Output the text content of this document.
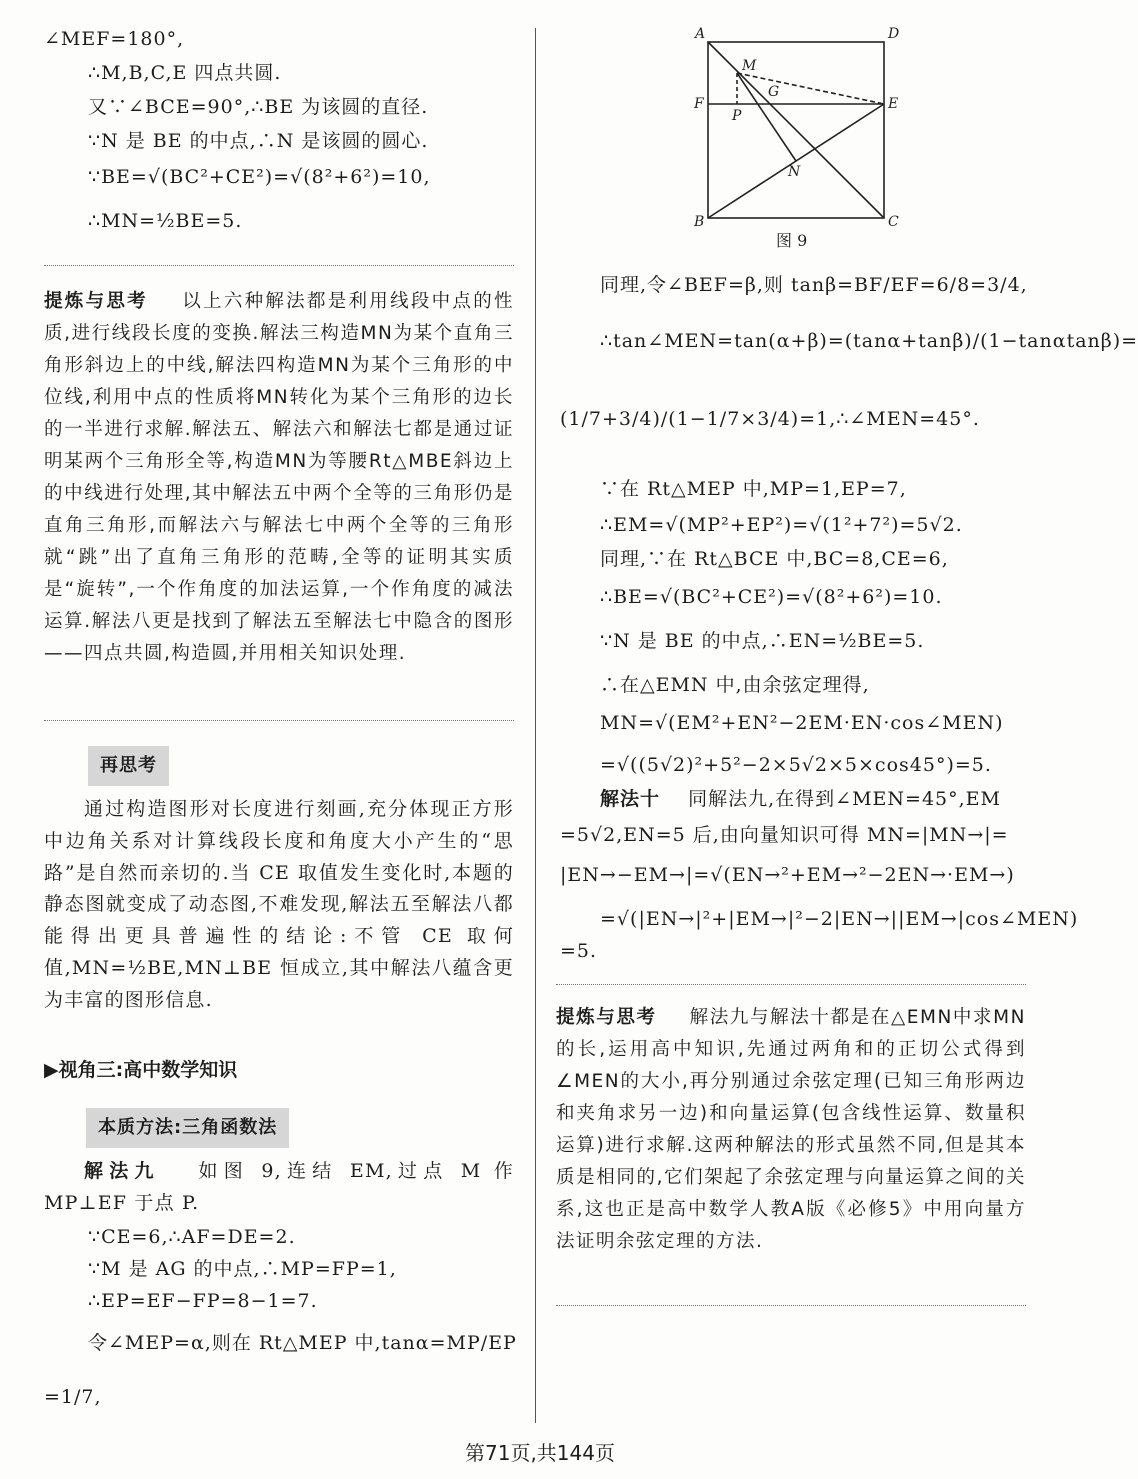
∠MEF=180°,
∴M,B,C,E 四点共圆.
又∵∠BCE=90°,∴BE 为该圆的直径.
∵N 是 BE 的中点,∴N 是该圆的圆心.
∵BE=√(BC²+CE²)=√(8²+6²)=10,
∴MN=½BE=5.
提炼与思考 以上六种解法都是利用线段中点的性质,进行线段长度的变换.解法三构造MN为某个直角三角形斜边上的中线,解法四构造MN为某个三角形的中位线,利用中点的性质将MN转化为某个三角形的边长的一半进行求解.解法五、解法六和解法七都是通过证明某两个三角形全等,构造MN为等腰Rt△MBE斜边上的中线进行处理,其中解法五中两个全等的三角形仍是直角三角形,而解法六与解法七中两个全等的三角形就“跳”出了直角三角形的范畴,全等的证明其实质是“旋转”,一个作角度的加法运算,一个作角度的减法运算.解法八更是找到了解法五至解法七中隐含的图形——四点共圆,构造圆,并用相关知识处理.
再思考
通过构造图形对长度进行刻画,充分体现正方形中边角关系对计算线段长度和角度大小产生的“思路”是自然而亲切的.当 CE 取值发生变化时,本题的静态图就变成了动态图,不难发现,解法五至解法八都能得出更具普遍性的结论:不管 CE 取何值,MN=½BE,MN⊥BE 恒成立,其中解法八蕴含更为丰富的图形信息.
▶视角三:高中数学知识
本质方法:三角函数法
解法九 如图 9,连结 EM,过点 M 作 MP⊥EF 于点 P.
∵CE=6,∴AF=DE=2.
∵M 是 AG 的中点,∴MP=FP=1,
∴EP=EF−FP=8−1=7.
令∠MEP=α,则在 Rt△MEP 中,tanα=MP/EP
=1/7,
A	D
M
G
F
P
E
N
B	C
图 9
同理,令∠BEF=β,则 tanβ=BF/EF=6/8=3/4,
∴tan∠MEN=tan(α+β)=(tanα+tanβ)/(1−tanαtanβ)=
(1/7+3/4)/(1−1/7×3/4)=1,∴∠MEN=45°.
∵在 Rt△MEP 中,MP=1,EP=7,
∴EM=√(MP²+EP²)=√(1²+7²)=5√2.
同理,∵在 Rt△BCE 中,BC=8,CE=6,
∴BE=√(BC²+CE²)=√(8²+6²)=10.
∵N 是 BE 的中点,∴EN=½BE=5.
∴在△EMN 中,由余弦定理得,
MN=√(EM²+EN²−2EM·EN·cos∠MEN)
=√((5√2)²+5²−2×5√2×5×cos45°)=5.
解法十 同解法九,在得到∠MEN=45°,EM
=5√2,EN=5 后,由向量知识可得 MN=|MN→|=
|EN→−EM→|=√(EN→²+EM→²−2EN→·EM→)
=√(|EN→|²+|EM→|²−2|EN→||EM→|cos∠MEN)
=5.
提炼与思考 解法九与解法十都是在△EMN中求MN的长,运用高中知识,先通过两角和的正切公式得到∠MEN的大小,再分别通过余弦定理(已知三角形两边和夹角求另一边)和向量运算(包含线性运算、数量积运算)进行求解.这两种解法的形式虽然不同,但是其本质是相同的,它们架起了余弦定理与向量运算之间的关系,这也正是高中数学人教A版《必修5》中用向量方法证明余弦定理的方法.
第71页,共144页
